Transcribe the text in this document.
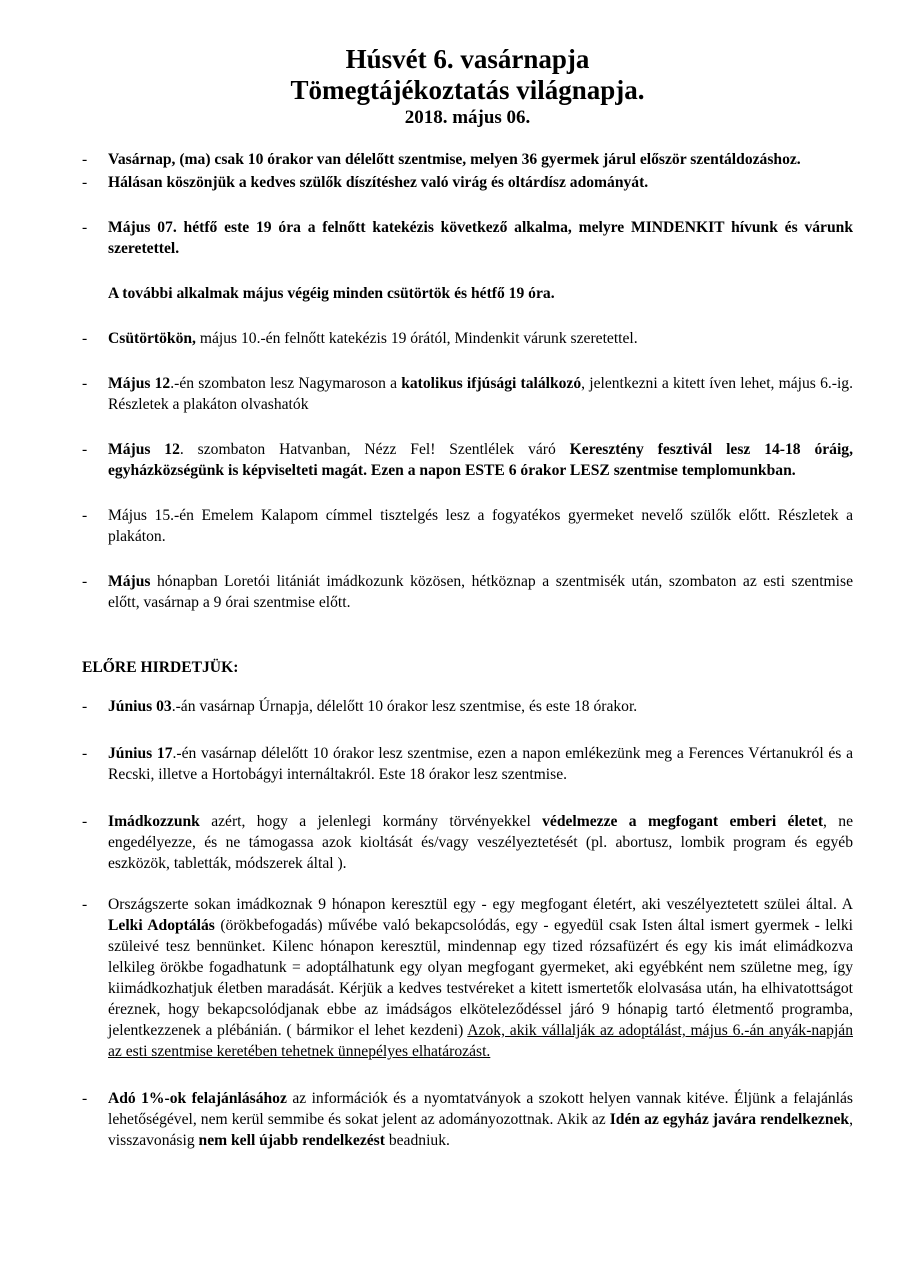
Húsvét 6. vasárnapja
Tömegtájékoztatás világnapja.
2018. május 06.
- Vasárnap, (ma) csak 10 órakor van délelőtt szentmise, melyen 36 gyermek járul először szentáldozáshoz.
- Hálásan köszönjük a kedves szülők díszítéshez való virág és oltárdísz adományát.
- Május 07. hétfő este 19 óra a felnőtt katekézis következő alkalma, melyre MINDENKIT hívunk és várunk szeretettel.
A további alkalmak május végéig minden csütörtök és hétfő 19 óra.
- Csütörtökön, május 10.-én felnőtt katekézis 19 órától, Mindenkit várunk szeretettel.
- Május 12.-én szombaton lesz Nagymaroson a katolikus ifjúsági találkozó, jelentkezni a kitett íven lehet, május 6.-ig. Részletek a plakáton olvashatók
- Május 12. szombaton Hatvanban, Nézz Fel! Szentlélek váró Keresztény fesztivál lesz 14-18 óráig, egyházközségünk is képviselteti magát. Ezen a napon ESTE 6 órakor LESZ szentmise templomunkban.
- Május 15.-én Emelem Kalapom címmel tisztelgés lesz a fogyatékos gyermeket nevelő szülők előtt. Részletek a plakáton.
- Május hónapban Loretói litániát imádkozunk közösen, hétköznap a szentmisék után, szombaton az esti szentmise előtt, vasárnap a 9 órai szentmise előtt.
ELŐRE HIRDETJÜK:
- Június 03.-án vasárnap Úrnapja, délelőtt 10 órakor lesz szentmise, és este 18 órakor.
- Június 17.-én vasárnap délelőtt 10 órakor lesz szentmise, ezen a napon emlékezünk meg a Ferences Vértanukról és a Recski, illetve a Hortobágyi internáltakról. Este 18 órakor lesz szentmise.
- Imádkozzunk azért, hogy a jelenlegi kormány törvényekkel védelmezze a megfogant emberi életet, ne engedélyezze, és ne támogassa azok kioltását és/vagy veszélyeztetését (pl. abortusz, lombik program és egyéb eszközök, tabletták, módszerek által ).
- Országszerte sokan imádkoznak 9 hónapon keresztül egy - egy megfogant életért, aki veszélyeztetett szülei által. A Lelki Adoptálás (örökbefogadás) művébe való bekapcsolódás, egy - egyedül csak Isten által ismert gyermek - lelki szüleivé tesz bennünket. Kilenc hónapon keresztül, mindennap egy tized rózsafüzért és egy kis imát elimádkozva lelkileg örökbe fogadhatunk = adoptálhatunk egy olyan megfogant gyermeket, aki egyébként nem születne meg, így kiimádkozhatjuk életben maradását. Kérjük a kedves testvéreket a kitett ismertetők elolvasása után, ha elhivatottságot éreznek, hogy bekapcsolódjanak ebbe az imádságos elköteleződéssel járó 9 hónapig tartó életmentő programba, jelentkezzenek a plébánián. ( bármikor el lehet kezdeni) Azok, akik vállalják az adoptálást, május 6.-án anyák-napján az esti szentmise keretében tehetnek ünnepélyes elhatározást.
- Adó 1%-ok felajánlásához az információk és a nyomtatványok a szokott helyen vannak kitéve. Éljünk a felajánlás lehetőségével, nem kerül semmibe és sokat jelent az adományozottnak. Akik az Idén az egyház javára rendelkeznek, visszavonásig nem kell újabb rendelkezést beadniuk.
